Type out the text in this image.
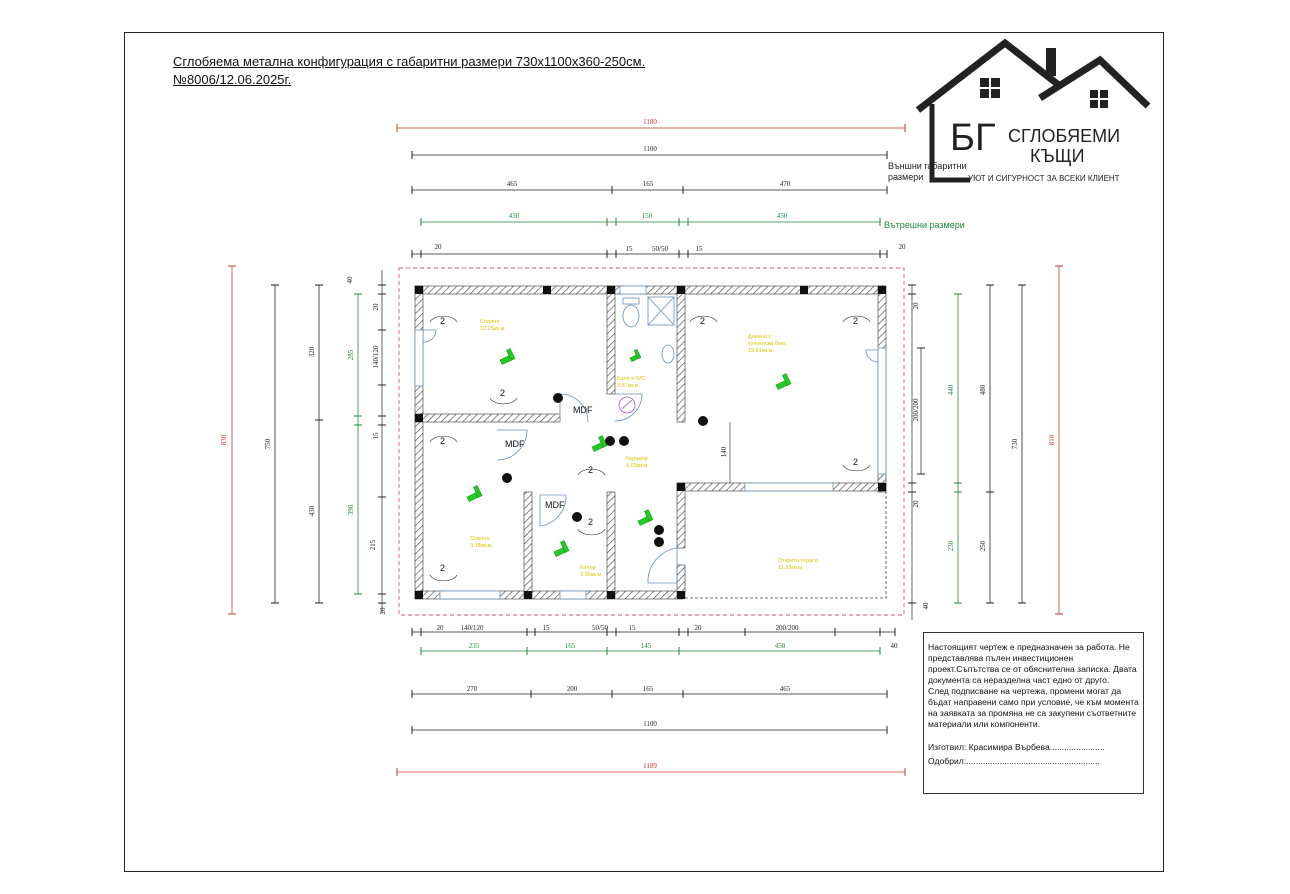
Сглобяема метална конфигурация с габаритни размери 730х1100х360-250см.
№8006/12.06.2025г.
1180
1100
465	165	470
430	150	450
20	15	50/50	15	20
Външни габаритни
размери
Вътрешни размери
830	750
320
430
285
390
40
20
140/120
15
215
20
20
200/200
20
40
440
230
480
250
730	810
20 140/120	15	50/50	15	20	200/200
40
235	165	145	450
270	200	165	465
1100
1189
MDF
MDF
MDF
2
2
2
2
2
2
2	2
2
Спалня
12.25кв.м.
Баня и WC
3.57кв.м.
Дневна с
кухненски бокс
19.81кв.м.
Коридор
6.65кв.м.
Спалня
9.18кв.м.
Килер
3.00кв.м.
Открита тераса
11.33кв.м.
140
БГ СГЛОБЯЕМИ
КЪЩИ
УЮТ И СИГУРНОСТ ЗА ВСЕКИ КЛИЕНТ

Настоящият чертеж е предназначен за работа. Не представлява пълен инвестиционен проект.Съпътства се от обяснителна записка. Двата документа са неразделна част едно от друго.

След подписване на чертежа, промени могат да бъдат направени само при условие, че към момента на заявката за промяна не са закупени съответните материали или компоненти.

Изготвил: Красимира Върбева.......................

Одобрил:........................................................
